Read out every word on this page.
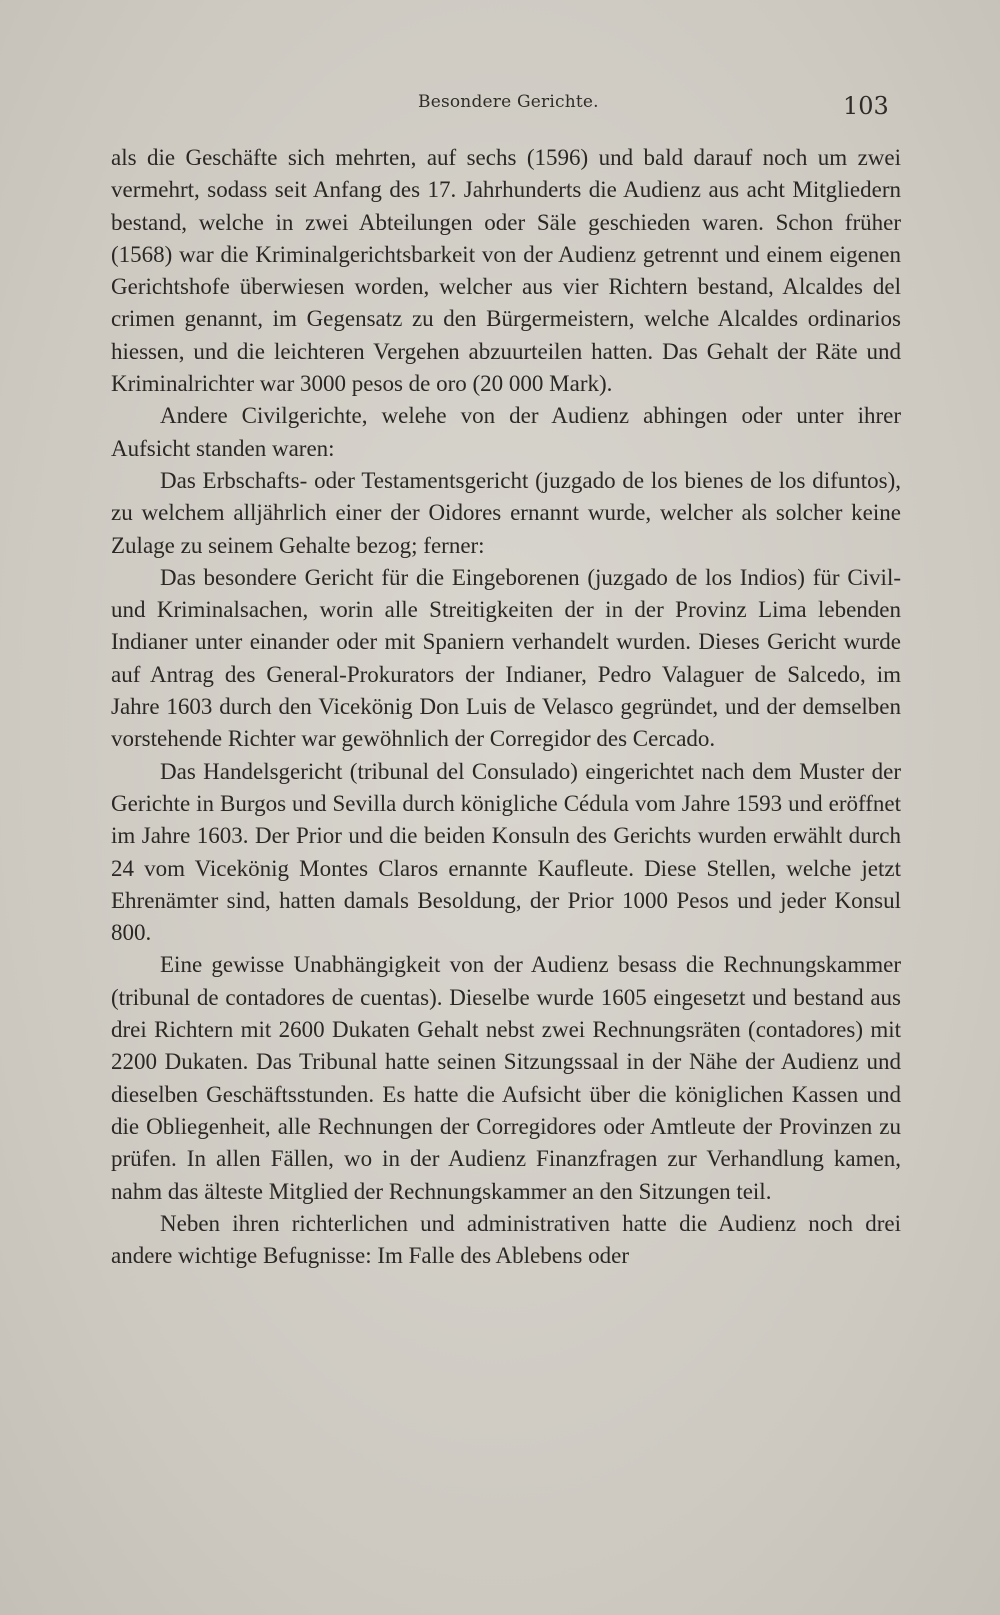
Besondere Gerichte.	103

als die Geschäfte sich mehrten, auf sechs (1596) und bald darauf noch um zwei vermehrt, sodass seit Anfang des 17. Jahrhunderts die Audienz aus acht Mitgliedern bestand, welche in zwei Abteilungen oder Säle geschieden waren. Schon früher (1568) war die Kriminalgerichtsbarkeit von der Audienz getrennt und einem eigenen Gerichtshofe überwiesen worden, welcher aus vier Richtern bestand, Alcaldes del crimen genannt, im Gegensatz zu den Bürgermeistern, welche Alcaldes ordinarios hiessen, und die leichteren Vergehen abzuurteilen hatten. Das Gehalt der Räte und Kriminalrichter war 3000 pesos de oro (20 000 Mark).

Andere Civilgerichte, welehe von der Audienz abhingen oder unter ihrer Aufsicht standen waren:

Das Erbschafts- oder Testamentsgericht (juzgado de los bienes de los difuntos), zu welchem alljährlich einer der Oidores ernannt wurde, welcher als solcher keine Zulage zu seinem Gehalte bezog; ferner:

Das besondere Gericht für die Eingeborenen (juzgado de los Indios) für Civil- und Kriminalsachen, worin alle Streitigkeiten der in der Provinz Lima lebenden Indianer unter einander oder mit Spaniern verhandelt wurden. Dieses Gericht wurde auf Antrag des General-Prokurators der Indianer, Pedro Valaguer de Salcedo, im Jahre 1603 durch den Vicekönig Don Luis de Velasco gegründet, und der demselben vorstehende Richter war gewöhnlich der Corregidor des Cercado.

Das Handelsgericht (tribunal del Consulado) eingerichtet nach dem Muster der Gerichte in Burgos und Sevilla durch königliche Cédula vom Jahre 1593 und eröffnet im Jahre 1603. Der Prior und die beiden Konsuln des Gerichts wurden erwählt durch 24 vom Vicekönig Montes Claros ernannte Kaufleute. Diese Stellen, welche jetzt Ehrenämter sind, hatten damals Besoldung, der Prior 1000 Pesos und jeder Konsul 800.

Eine gewisse Unabhängigkeit von der Audienz besass die Rechnungskammer (tribunal de contadores de cuentas). Dieselbe wurde 1605 eingesetzt und bestand aus drei Richtern mit 2600 Dukaten Gehalt nebst zwei Rechnungsräten (contadores) mit 2200 Dukaten. Das Tribunal hatte seinen Sitzungssaal in der Nähe der Audienz und dieselben Geschäftsstunden. Es hatte die Aufsicht über die königlichen Kassen und die Obliegenheit, alle Rechnungen der Corregidores oder Amtleute der Provinzen zu prüfen. In allen Fällen, wo in der Audienz Finanzfragen zur Verhandlung kamen, nahm das älteste Mitglied der Rechnungskammer an den Sitzungen teil.

Neben ihren richterlichen und administrativen hatte die Audienz noch drei andere wichtige Befugnisse: Im Falle des Ablebens oder
